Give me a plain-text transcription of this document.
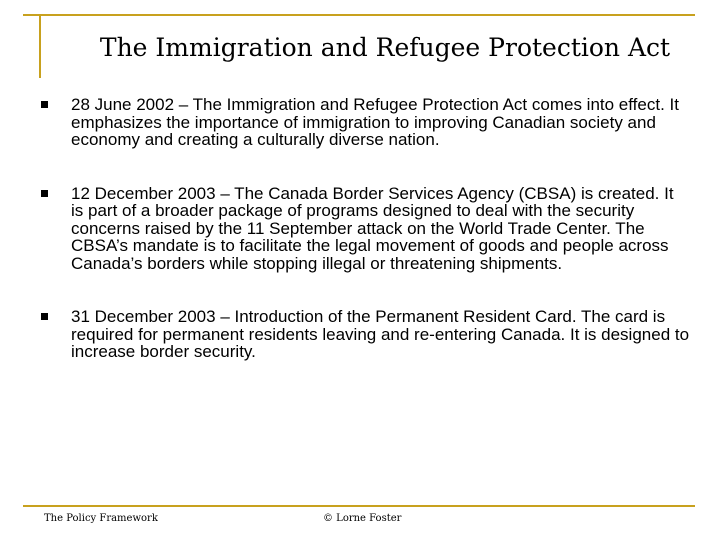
The Immigration and Refugee Protection Act
28 June 2002 – The Immigration and Refugee Protection Act comes into effect. It emphasizes the importance of immigration to improving Canadian society and economy and creating a culturally diverse nation.
12 December 2003 – The Canada Border Services Agency (CBSA) is created. It is part of a broader package of programs designed to deal with the security concerns raised by the 11 September attack on the World Trade Center. The CBSA’s mandate is to facilitate the legal movement of goods and people across Canada’s borders while stopping illegal or threatening shipments.
31 December 2003 – Introduction of the Permanent Resident Card. The card is required for permanent residents leaving and re-entering Canada. It is designed to increase border security.
The Policy Framework	© Lorne Foster
